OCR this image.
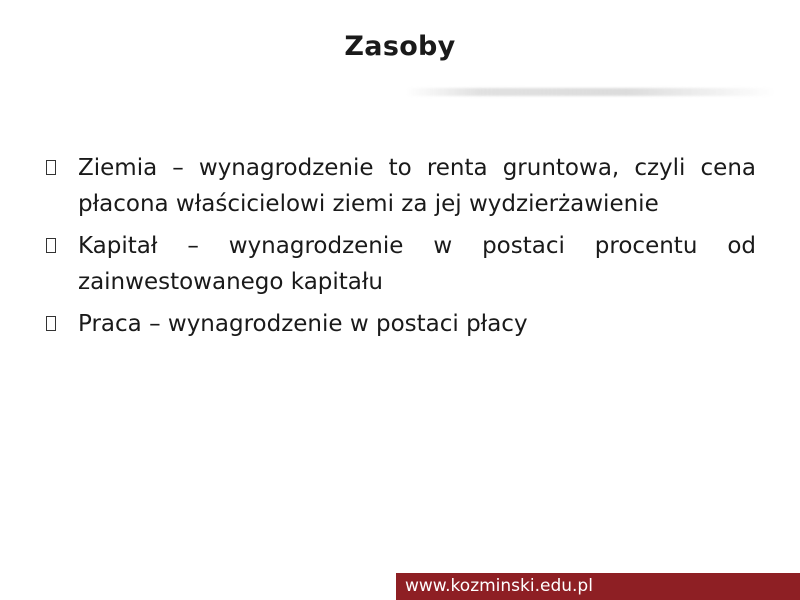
Zasoby
Ziemia – wynagrodzenie to renta gruntowa, czyli cena płacona właścicielowi ziemi za jej wydzierżawienie
Kapitał – wynagrodzenie w postaci procentu od zainwestowanego kapitału
Praca – wynagrodzenie w postaci płacy
www.kozminski.edu.pl
